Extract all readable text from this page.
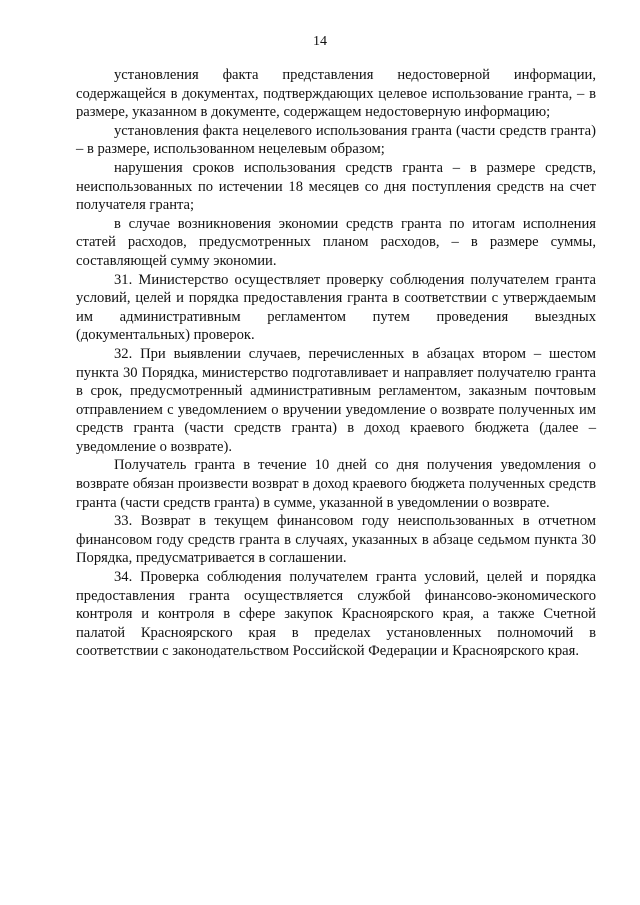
14

установления факта представления недостоверной информации, содержащейся в документах, подтверждающих целевое использование гранта, – в размере, указанном в документе, содержащем недостоверную информацию;

установления факта нецелевого использования гранта (части средств гранта) – в размере, использованном нецелевым образом;

нарушения сроков использования средств гранта – в размере средств, неиспользованных по истечении 18 месяцев со дня поступления средств на счет получателя гранта;

в случае возникновения экономии средств гранта по итогам исполнения статей расходов, предусмотренных планом расходов, – в размере суммы, составляющей сумму экономии.

31. Министерство осуществляет проверку соблюдения получателем гранта условий, целей и порядка предоставления гранта в соответствии с утверждаемым им административным регламентом путем проведения выездных (документальных) проверок.

32. При выявлении случаев, перечисленных в абзацах втором – шестом пункта 30 Порядка, министерство подготавливает и направляет получателю гранта в срок, предусмотренный административным регламентом, заказным почтовым отправлением с уведомлением о вручении уведомление о возврате полученных им средств гранта (части средств гранта) в доход краевого бюджета (далее – уведомление о возврате).

Получатель гранта в течение 10 дней со дня получения уведомления о возврате обязан произвести возврат в доход краевого бюджета полученных средств гранта (части средств гранта) в сумме, указанной в уведомлении о возврате.

33. Возврат в текущем финансовом году неиспользованных в отчетном финансовом году средств гранта в случаях, указанных в абзаце седьмом пункта 30 Порядка, предусматривается в соглашении.

34. Проверка соблюдения получателем гранта условий, целей и порядка предоставления гранта осуществляется службой финансово-экономического контроля и контроля в сфере закупок Красноярского края, а также Счетной палатой Красноярского края в пределах установленных полномочий в соответствии с законодательством Российской Федерации и Красноярского края.
